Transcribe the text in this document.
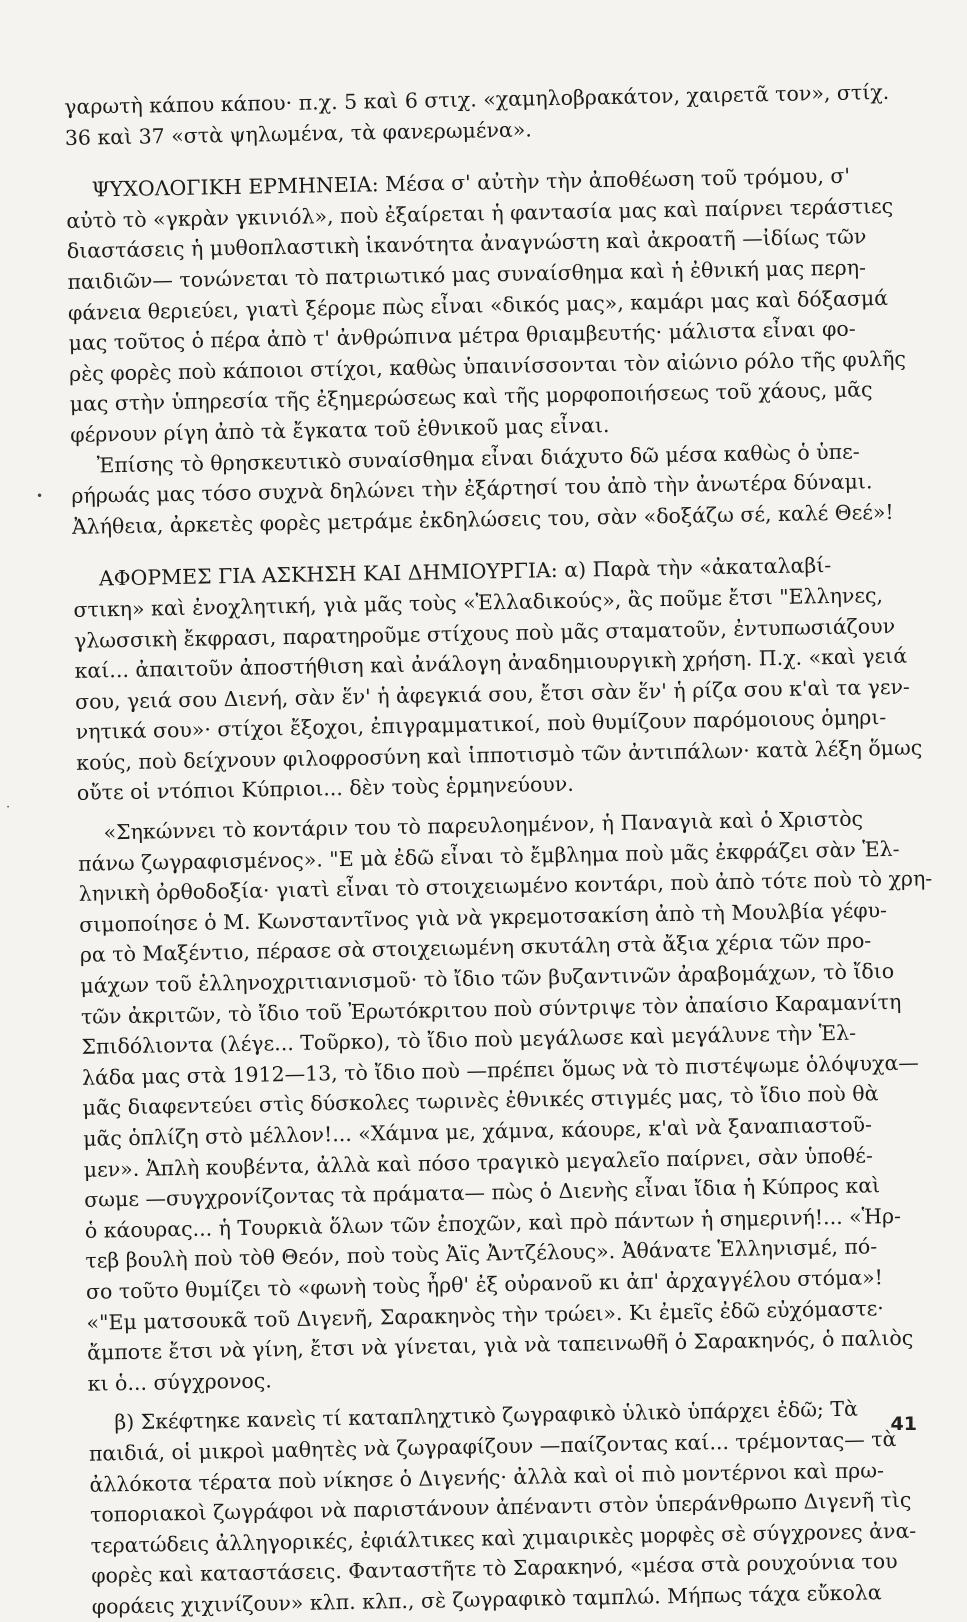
•
·

γαρωτὴ κάπου κάπου· π.χ. 5 καὶ 6 στιχ. «χαμηλοβρακάτον, χαιρετᾶ τον», στίχ.
36 καὶ 37 «στὰ ψηλωμένα, τὰ φανερωμένα».

ΨΥΧΟΛΟΓΙΚΗ ΕΡΜΗΝΕΙΑ: Μέσα σ' αὐτὴν τὴν ἀποθέωση τοῦ τρόμου, σ'
αὐτὸ τὸ «γκρὰν γκινιόλ», ποὺ ἐξαίρεται ἡ φαντασία μας καὶ παίρνει τεράστιες
διαστάσεις ἡ μυθοπλαστικὴ ἱκανότητα ἀναγνώστη καὶ ἀκροατῆ —ἰδίως τῶν
παιδιῶν— τονώνεται τὸ πατριωτικό μας συναίσθημα καὶ ἡ ἐθνική μας περη-
φάνεια θεριεύει, γιατὶ ξέρομε πὼς εἶναι «δικός μας», καμάρι μας καὶ δόξασμά
μας τοῦτος ὁ πέρα ἀπὸ τ' ἀνθρώπινα μέτρα θριαμβευτής· μάλιστα εἶναι φο-
ρὲς φορὲς ποὺ κάποιοι στίχοι, καθὼς ὑπαινίσσονται τὸν αἰώνιο ρόλο τῆς φυλῆς
μας στὴν ὑπηρεσία τῆς ἐξημερώσεως καὶ τῆς μορφοποιήσεως τοῦ χάους, μᾶς
φέρνουν ρίγη ἀπὸ τὰ ἔγκατα τοῦ ἐθνικοῦ μας εἶναι.

Ἐπίσης τὸ θρησκευτικὸ συναίσθημα εἶναι διάχυτο δῶ μέσα καθὼς ὁ ὑπε-
ρήρωάς μας τόσο συχνὰ δηλώνει τὴν ἐξάρτησί του ἀπὸ τὴν ἀνωτέρα δύναμι.
Ἀλήθεια, ἀρκετὲς φορὲς μετράμε ἐκδηλώσεις του, σὰν «δοξάζω σέ, καλέ Θεέ»!

ΑΦΟΡΜΕΣ ΓΙΑ ΑΣΚΗΣΗ ΚΑΙ ΔΗΜΙΟΥΡΓΙΑ: α) Παρὰ τὴν «ἀκαταλαβί-
στικη» καὶ ἐνοχλητική, γιὰ μᾶς τοὺς «Ἑλλαδικούς», ἂς ποῦμε ἔτσι "Ελληνες,
γλωσσικὴ ἔκφρασι, παρατηροῦμε στίχους ποὺ μᾶς σταματοῦν, ἐντυπωσιάζουν
καί... ἀπαιτοῦν ἀποστήθιση καὶ ἀνάλογη ἀναδημιουργικὴ χρήση. Π.χ. «καὶ γειά
σου, γειά σου Διενή, σὰν ἕν' ἡ ἀφεγκιά σου, ἔτσι σὰν ἕν' ἡ ρίζα σου κ'αὶ τα γεν-
νητικά σου»· στίχοι ἔξοχοι, ἐπιγραμματικοί, ποὺ θυμίζουν παρόμοιους ὁμηρι-
κούς, ποὺ δείχνουν φιλοφροσύνη καὶ ἱπποτισμὸ τῶν ἀντιπάλων· κατὰ λέξη ὅμως
οὔτε οἱ ντόπιοι Κύπριοι... δὲν τοὺς ἑρμηνεύουν.

«Σηκώννει τὸ κοντάριν του τὸ παρευλοημένον, ἡ Παναγιὰ καὶ ὁ Χριστὸς
πάνω ζωγραφισμένος». "Ε μὰ ἐδῶ εἶναι τὸ ἔμβλημα ποὺ μᾶς ἐκφράζει σὰν Ἑλ-
ληνικὴ ὀρθοδοξία· γιατὶ εἶναι τὸ στοιχειωμένο κοντάρι, ποὺ ἀπὸ τότε ποὺ τὸ χρη-
σιμοποίησε ὁ Μ. Κωνσταντῖνος γιὰ νὰ γκρεμοτσακίση ἀπὸ τὴ Μουλβία γέφυ-
ρα τὸ Μαξέντιο, πέρασε σὰ στοιχειωμένη σκυτάλη στὰ ἄξια χέρια τῶν προ-
μάχων τοῦ ἑλληνοχριτιανισμοῦ· τὸ ἴδιο τῶν βυζαντινῶν ἀραβομάχων, τὸ ἴδιο
τῶν ἀκριτῶν, τὸ ἴδιο τοῦ Ἐρωτόκριτου ποὺ σύντριψε τὸν ἀπαίσιο Καραμανίτη
Σπιδόλιοντα (λέγε... Τοῦρκο), τὸ ἴδιο ποὺ μεγάλωσε καὶ μεγάλυνε τὴν Ἑλ-
λάδα μας στὰ 1912—13, τὸ ἴδιο ποὺ —πρέπει ὅμως νὰ τὸ πιστέψωμε ὁλόψυχα—
μᾶς διαφεντεύει στὶς δύσκολες τωρινὲς ἐθνικές στιγμές μας, τὸ ἴδιο ποὺ θὰ
μᾶς ὁπλίζη στὸ μέλλον!... «Χάμνα με, χάμνα, κάουρε, κ'αὶ νὰ ξαναπιαστοῦ-
μεν». Ἁπλὴ κουβέντα, ἀλλὰ καὶ πόσο τραγικὸ μεγαλεῖο παίρνει, σὰν ὑποθέ-
σωμε —συγχρονίζοντας τὰ πράματα— πὼς ὁ Διενὴς εἶναι ἴδια ἡ Κύπρος καὶ
ὁ κάουρας... ἡ Τουρκιὰ ὅλων τῶν ἐποχῶν, καὶ πρὸ πάντων ἡ σημερινή!... «Ἡρ-
τεβ βουλὴ ποὺ τὸθ Θεόν, ποὺ τοὺς Ἀϊς Ἀντζέλους». Ἀθάνατε Ἑλληνισμέ, πό-
σο τοῦτο θυμίζει τὸ «φωνὴ τοὺς ἦρθ' ἐξ οὐρανοῦ κι ἀπ' ἀρχαγγέλου στόμα»!
«"Εμ ματσουκᾶ τοῦ Διγενῆ, Σαρακηνὸς τὴν τρώει». Κι ἐμεῖς ἐδῶ εὐχόμαστε·
ἄμποτε ἔτσι νὰ γίνη, ἔτσι νὰ γίνεται, γιὰ νὰ ταπεινωθῆ ὁ Σαρακηνός, ὁ παλιὸς
κι ὁ... σύγχρονος.

β) Σκέφτηκε κανεὶς τί καταπληχτικὸ ζωγραφικὸ ὑλικὸ ὑπάρχει ἐδῶ; Τὰ
παιδιά, οἱ μικροὶ μαθητὲς νὰ ζωγραφίζουν —παίζοντας καί... τρέμοντας— τὰ
ἀλλόκοτα τέρατα ποὺ νίκησε ὁ Διγενής· ἀλλὰ καὶ οἱ πιὸ μοντέρνοι καὶ πρω-
τοποριακοὶ ζωγράφοι νὰ παριστάνουν ἀπέναντι στὸν ὑπεράνθρωπο Διγενῆ τὶς
τερατώδεις ἀλληγορικές, ἐφιάλτικες καὶ χιμαιρικὲς μορφὲς σὲ σύγχρονες ἀνα-
φορὲς καὶ καταστάσεις. Φανταστῆτε τὸ Σαρακηνό, «μέσα στὰ ρουχούνια του
φοράεις χιχινίζουν» κλπ. κλπ., σὲ ζωγραφικὸ ταμπλώ. Μήπως τάχα εὔκολα

41
